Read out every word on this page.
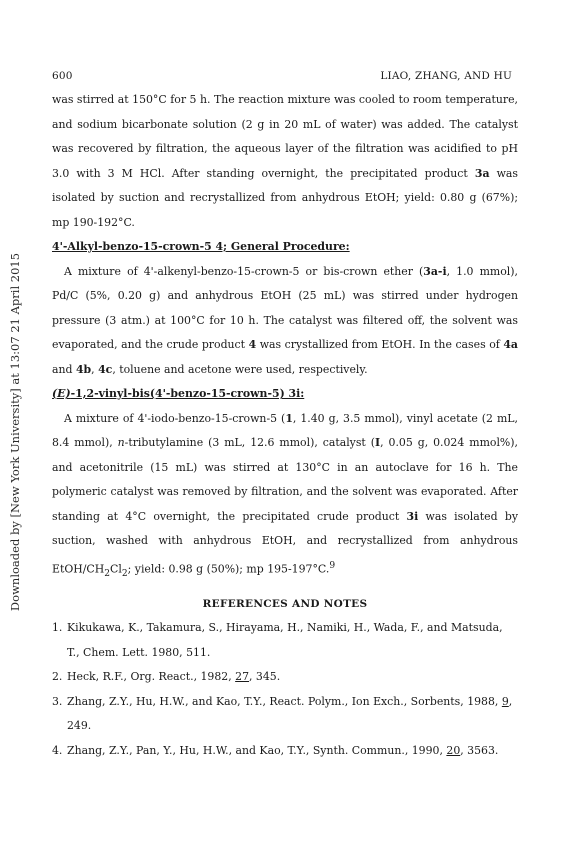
600	LIAO, ZHANG, AND HU
Downloaded by [New York University] at 13:07 21 April 2015

was stirred at 150°C for 5 h. The reaction mixture was cooled to room temperature, and sodium bicarbonate solution (2 g in 20 mL of water) was added. The catalyst was recovered by filtration, the aqueous layer of the filtration was acidified to pH 3.0 with 3 M HCl. After standing overnight, the precipitated product 3a was isolated by suction and recrystallized from anhydrous EtOH; yield: 0.80 g (67%); mp 190-192°C.

4'-Alkyl-benzo-15-crown-5 4; General Procedure:

A mixture of 4'-alkenyl-benzo-15-crown-5 or bis-crown ether (3a-i, 1.0 mmol), Pd/C (5%, 0.20 g) and anhydrous EtOH (25 mL) was stirred under hydrogen pressure (3 atm.) at 100°C for 10 h. The catalyst was filtered off, the solvent was evaporated, and the crude product 4 was crystallized from EtOH. In the cases of 4a and 4b, 4c, toluene and acetone were used, respectively.

(E)-1,2-vinyl-bis(4'-benzo-15-crown-5) 3i:

A mixture of 4'-iodo-benzo-15-crown-5 (1, 1.40 g, 3.5 mmol), vinyl acetate (2 mL, 8.4 mmol), n-tributylamine (3 mL, 12.6 mmol), catalyst (I, 0.05 g, 0.024 mmol%), and acetonitrile (15 mL) was stirred at 130°C in an autoclave for 16 h. The polymeric catalyst was removed by filtration, and the solvent was evaporated. After standing at 4°C overnight, the precipitated crude product 3i was isolated by suction, washed with anhydrous EtOH, and recrystallized from anhydrous EtOH/$CH_2Cl_2$; yield: 0.98 g (50%); mp 195-197°C.$^9$

REFERENCES AND NOTES

1. Kikukawa, K., Takamura, S., Hirayama, H., Namiki, H., Wada, F., and Matsuda, T., Chem. Lett. 1980, 511.
2. Heck, R.F., Org. React., 1982, 27, 345.
3. Zhang, Z.Y., Hu, H.W., and Kao, T.Y., React. Polym., Ion Exch., Sorbents, 1988, 9, 249.
4. Zhang, Z.Y., Pan, Y., Hu, H.W., and Kao, T.Y., Synth. Commun., 1990, 20, 3563.
